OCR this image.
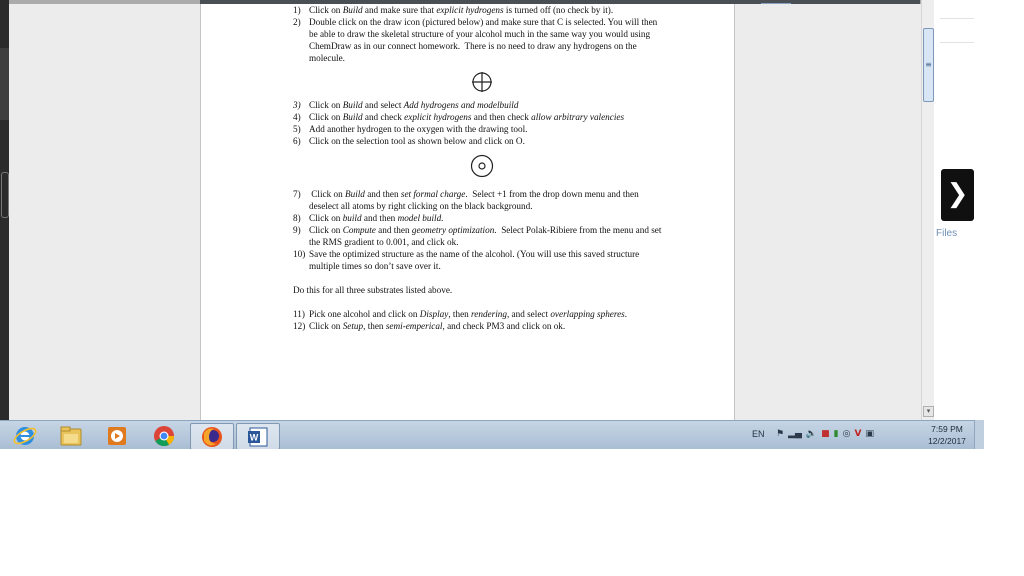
1) Click on Build and make sure that explicit hydrogens is turned off (no check by it).
2) Double click on the draw icon (pictured below) and make sure that C is selected. You will then be able to draw the skeletal structure of your alcohol much in the same way you would using ChemDraw as in our connect homework.  There is no need to draw any hydrogens on the molecule.
3) Click on Build and select Add hydrogens and modelbuild
4) Click on Build and check explicit hydrogens and then check allow arbitrary valencies
5) Add another hydrogen to the oxygen with the drawing tool.
6) Click on the selection tool as shown below and click on O.
7) Click on Build and then set formal charge.  Select +1 from the drop down menu and then deselect all atoms by right clicking on the black background.
8) Click on build and then model build.
9) Click on Compute and then geometry optimization.  Select Polak-Ribiere from the menu and set the RMS gradient to 0.001, and click ok.
10) Save the optimized structure as the name of the alcohol. (You will use this saved structure multiple times so don’t save over it.

Do this for all three substrates listed above.

11) Pick one alcohol and click on Display, then rendering, and select overlapping spheres.
12) Click on Setup, then semi-emperical, and check PM3 and click on ok.
≡
▾
❯
Files
W	EN ⚑ ▂▄ 🔈 ■ ▮ ◎ V ▣	7:59 PM
12/2/2017
